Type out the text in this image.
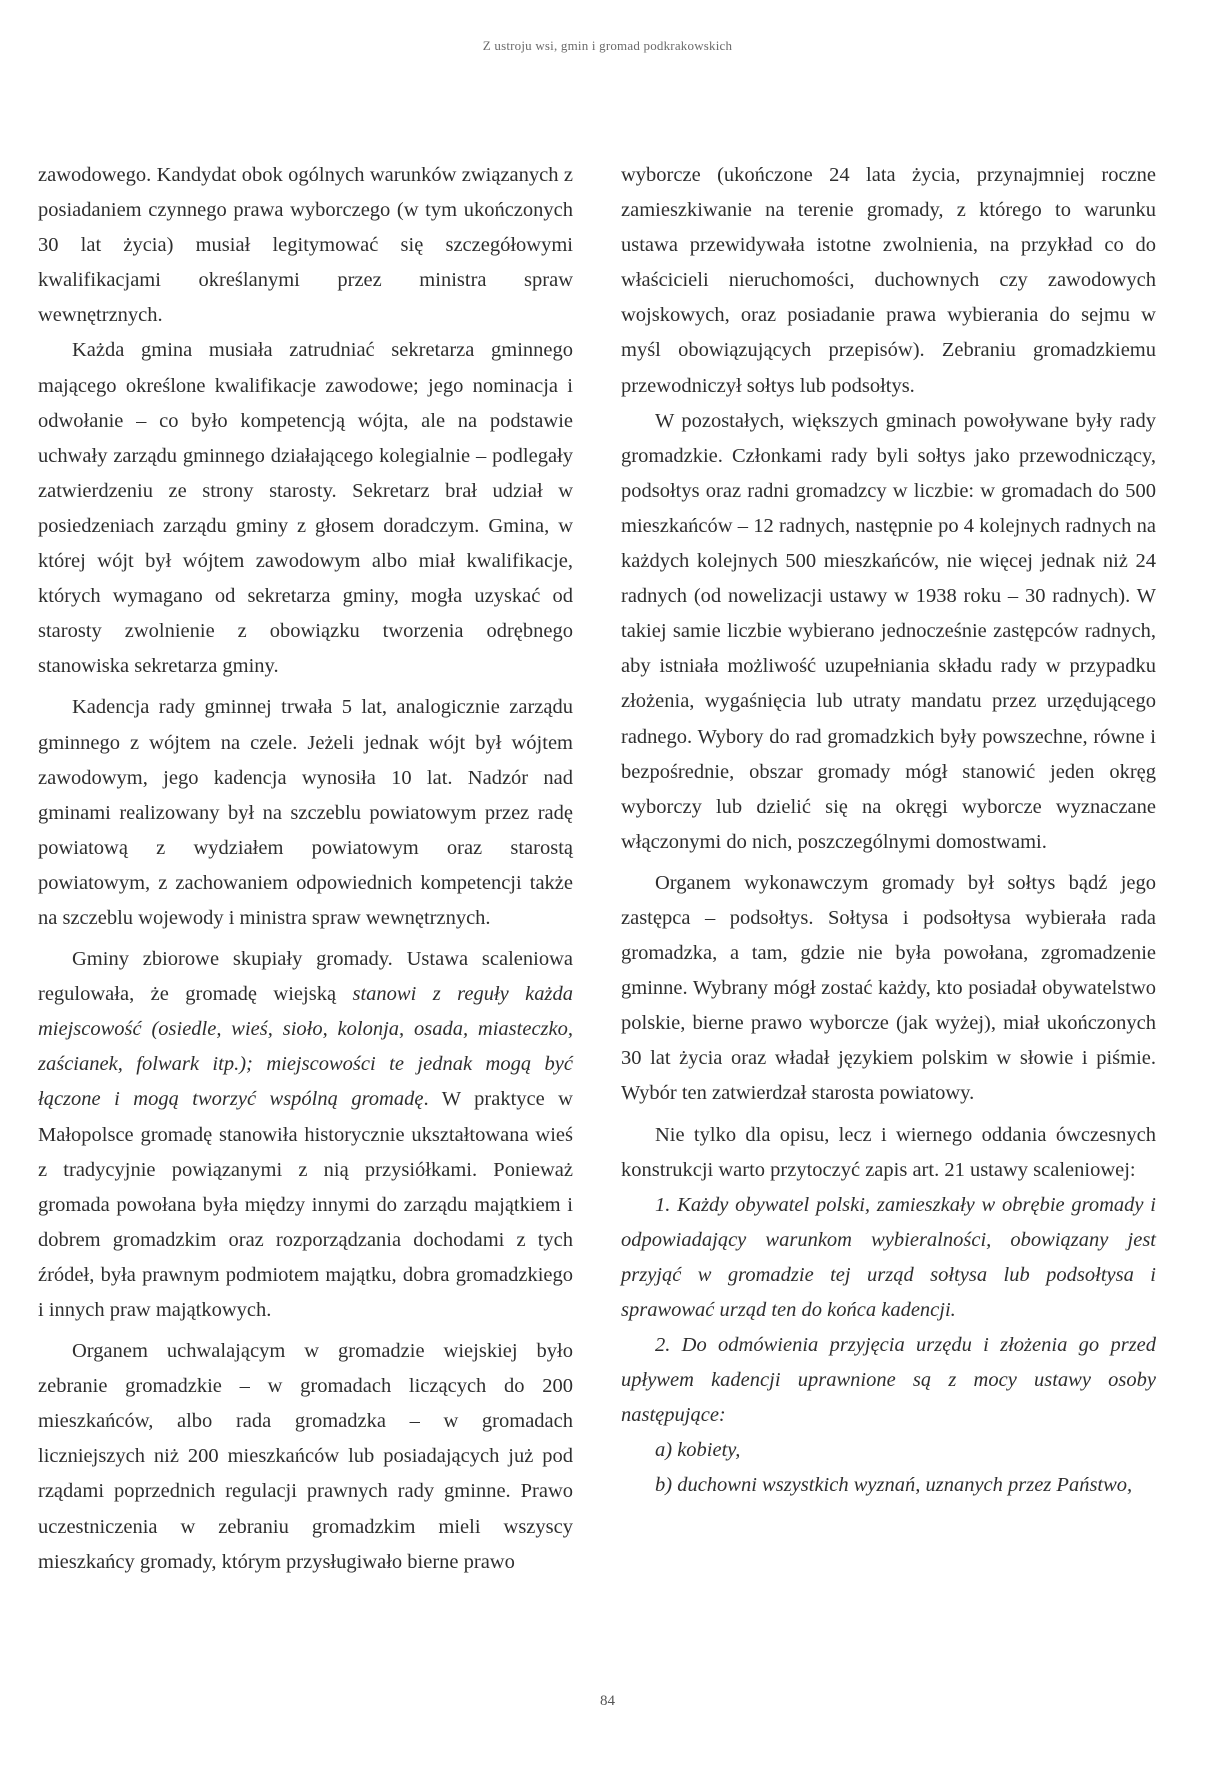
Z ustroju wsi, gmin i gromad podkrakowskich

zawodowego. Kandydat obok ogólnych warunków związanych z posiadaniem czynnego prawa wyborczego (w tym ukończonych 30 lat życia) musiał legitymować się szczegółowymi kwalifikacjami określanymi przez ministra spraw wewnętrznych.

Każda gmina musiała zatrudniać sekretarza gminnego mającego określone kwalifikacje zawodowe; jego nominacja i odwołanie – co było kompetencją wójta, ale na podstawie uchwały zarządu gminnego działającego kolegialnie – podlegały zatwierdzeniu ze strony starosty. Sekretarz brał udział w posiedzeniach zarządu gminy z głosem doradczym. Gmina, w której wójt był wójtem zawodowym albo miał kwalifikacje, których wymagano od sekretarza gminy, mogła uzyskać od starosty zwolnienie z obowiązku tworzenia odrębnego stanowiska sekretarza gminy.

Kadencja rady gminnej trwała 5 lat, analogicznie zarządu gminnego z wójtem na czele. Jeżeli jednak wójt był wójtem zawodowym, jego kadencja wynosiła 10 lat. Nadzór nad gminami realizowany był na szczeblu powiatowym przez radę powiatową z wydziałem powiatowym oraz starostą powiatowym, z zachowaniem odpowiednich kompetencji także na szczeblu wojewody i ministra spraw wewnętrznych.

Gminy zbiorowe skupiały gromady. Ustawa scaleniowa regulowała, że gromadę wiejską stanowi z reguły każda miejscowość (osiedle, wieś, sioło, kolonja, osada, miasteczko, zaścianek, folwark itp.); miejscowości te jednak mogą być łączone i mogą tworzyć wspólną gromadę. W praktyce w Małopolsce gromadę stanowiła historycznie ukształtowana wieś z tradycyjnie powiązanymi z nią przysiółkami. Ponieważ gromada powołana była między innymi do zarządu majątkiem i dobrem gromadzkim oraz rozporządzania dochodami z tych źródeł, była prawnym podmiotem majątku, dobra gromadzkiego i innych praw majątkowych.

Organem uchwalającym w gromadzie wiejskiej było zebranie gromadzkie – w gromadach liczących do 200 mieszkańców, albo rada gromadzka – w gromadach liczniejszych niż 200 mieszkańców lub posiadających już pod rządami poprzednich regulacji prawnych rady gminne. Prawo uczestniczenia w zebraniu gromadzkim mieli wszyscy mieszkańcy gromady, którym przysługiwało bierne prawo

wyborcze (ukończone 24 lata życia, przynajmniej roczne zamieszkiwanie na terenie gromady, z którego to warunku ustawa przewidywała istotne zwolnienia, na przykład co do właścicieli nieruchomości, duchownych czy zawodowych wojskowych, oraz posiadanie prawa wybierania do sejmu w myśl obowiązujących przepisów). Zebraniu gromadzkiemu przewodniczył sołtys lub podsołtys.

W pozostałych, większych gminach powoływane były rady gromadzkie. Członkami rady byli sołtys jako przewodniczący, podsołtys oraz radni gromadzcy w liczbie: w gromadach do 500 mieszkańców – 12 radnych, następnie po 4 kolejnych radnych na każdych kolejnych 500 mieszkańców, nie więcej jednak niż 24 radnych (od nowelizacji ustawy w 1938 roku – 30 radnych). W takiej samie liczbie wybierano jednocześnie zastępców radnych, aby istniała możliwość uzupełniania składu rady w przypadku złożenia, wygaśnięcia lub utraty mandatu przez urzędującego radnego. Wybory do rad gromadzkich były powszechne, równe i bezpośrednie, obszar gromady mógł stanowić jeden okręg wyborczy lub dzielić się na okręgi wyborcze wyznaczane włączonymi do nich, poszczególnymi domostwami.

Organem wykonawczym gromady był sołtys bądź jego zastępca – podsołtys. Sołtysa i podsołtysa wybierała rada gromadzka, a tam, gdzie nie była powołana, zgromadzenie gminne. Wybrany mógł zostać każdy, kto posiadał obywatelstwo polskie, bierne prawo wyborcze (jak wyżej), miał ukończonych 30 lat życia oraz władał językiem polskim w słowie i piśmie. Wybór ten zatwierdzał starosta powiatowy.

Nie tylko dla opisu, lecz i wiernego oddania ówczesnych konstrukcji warto przytoczyć zapis art. 21 ustawy scaleniowej:

1. Każdy obywatel polski, zamieszkały w obrębie gromady i odpowiadający warunkom wybieralności, obowiązany jest przyjąć w gromadzie tej urząd sołtysa lub podsołtysa i sprawować urząd ten do końca kadencji.

2. Do odmówienia przyjęcia urzędu i złożenia go przed upływem kadencji uprawnione są z mocy ustawy osoby następujące:

a) kobiety,

b) duchowni wszystkich wyznań, uznanych przez Państwo,

84
